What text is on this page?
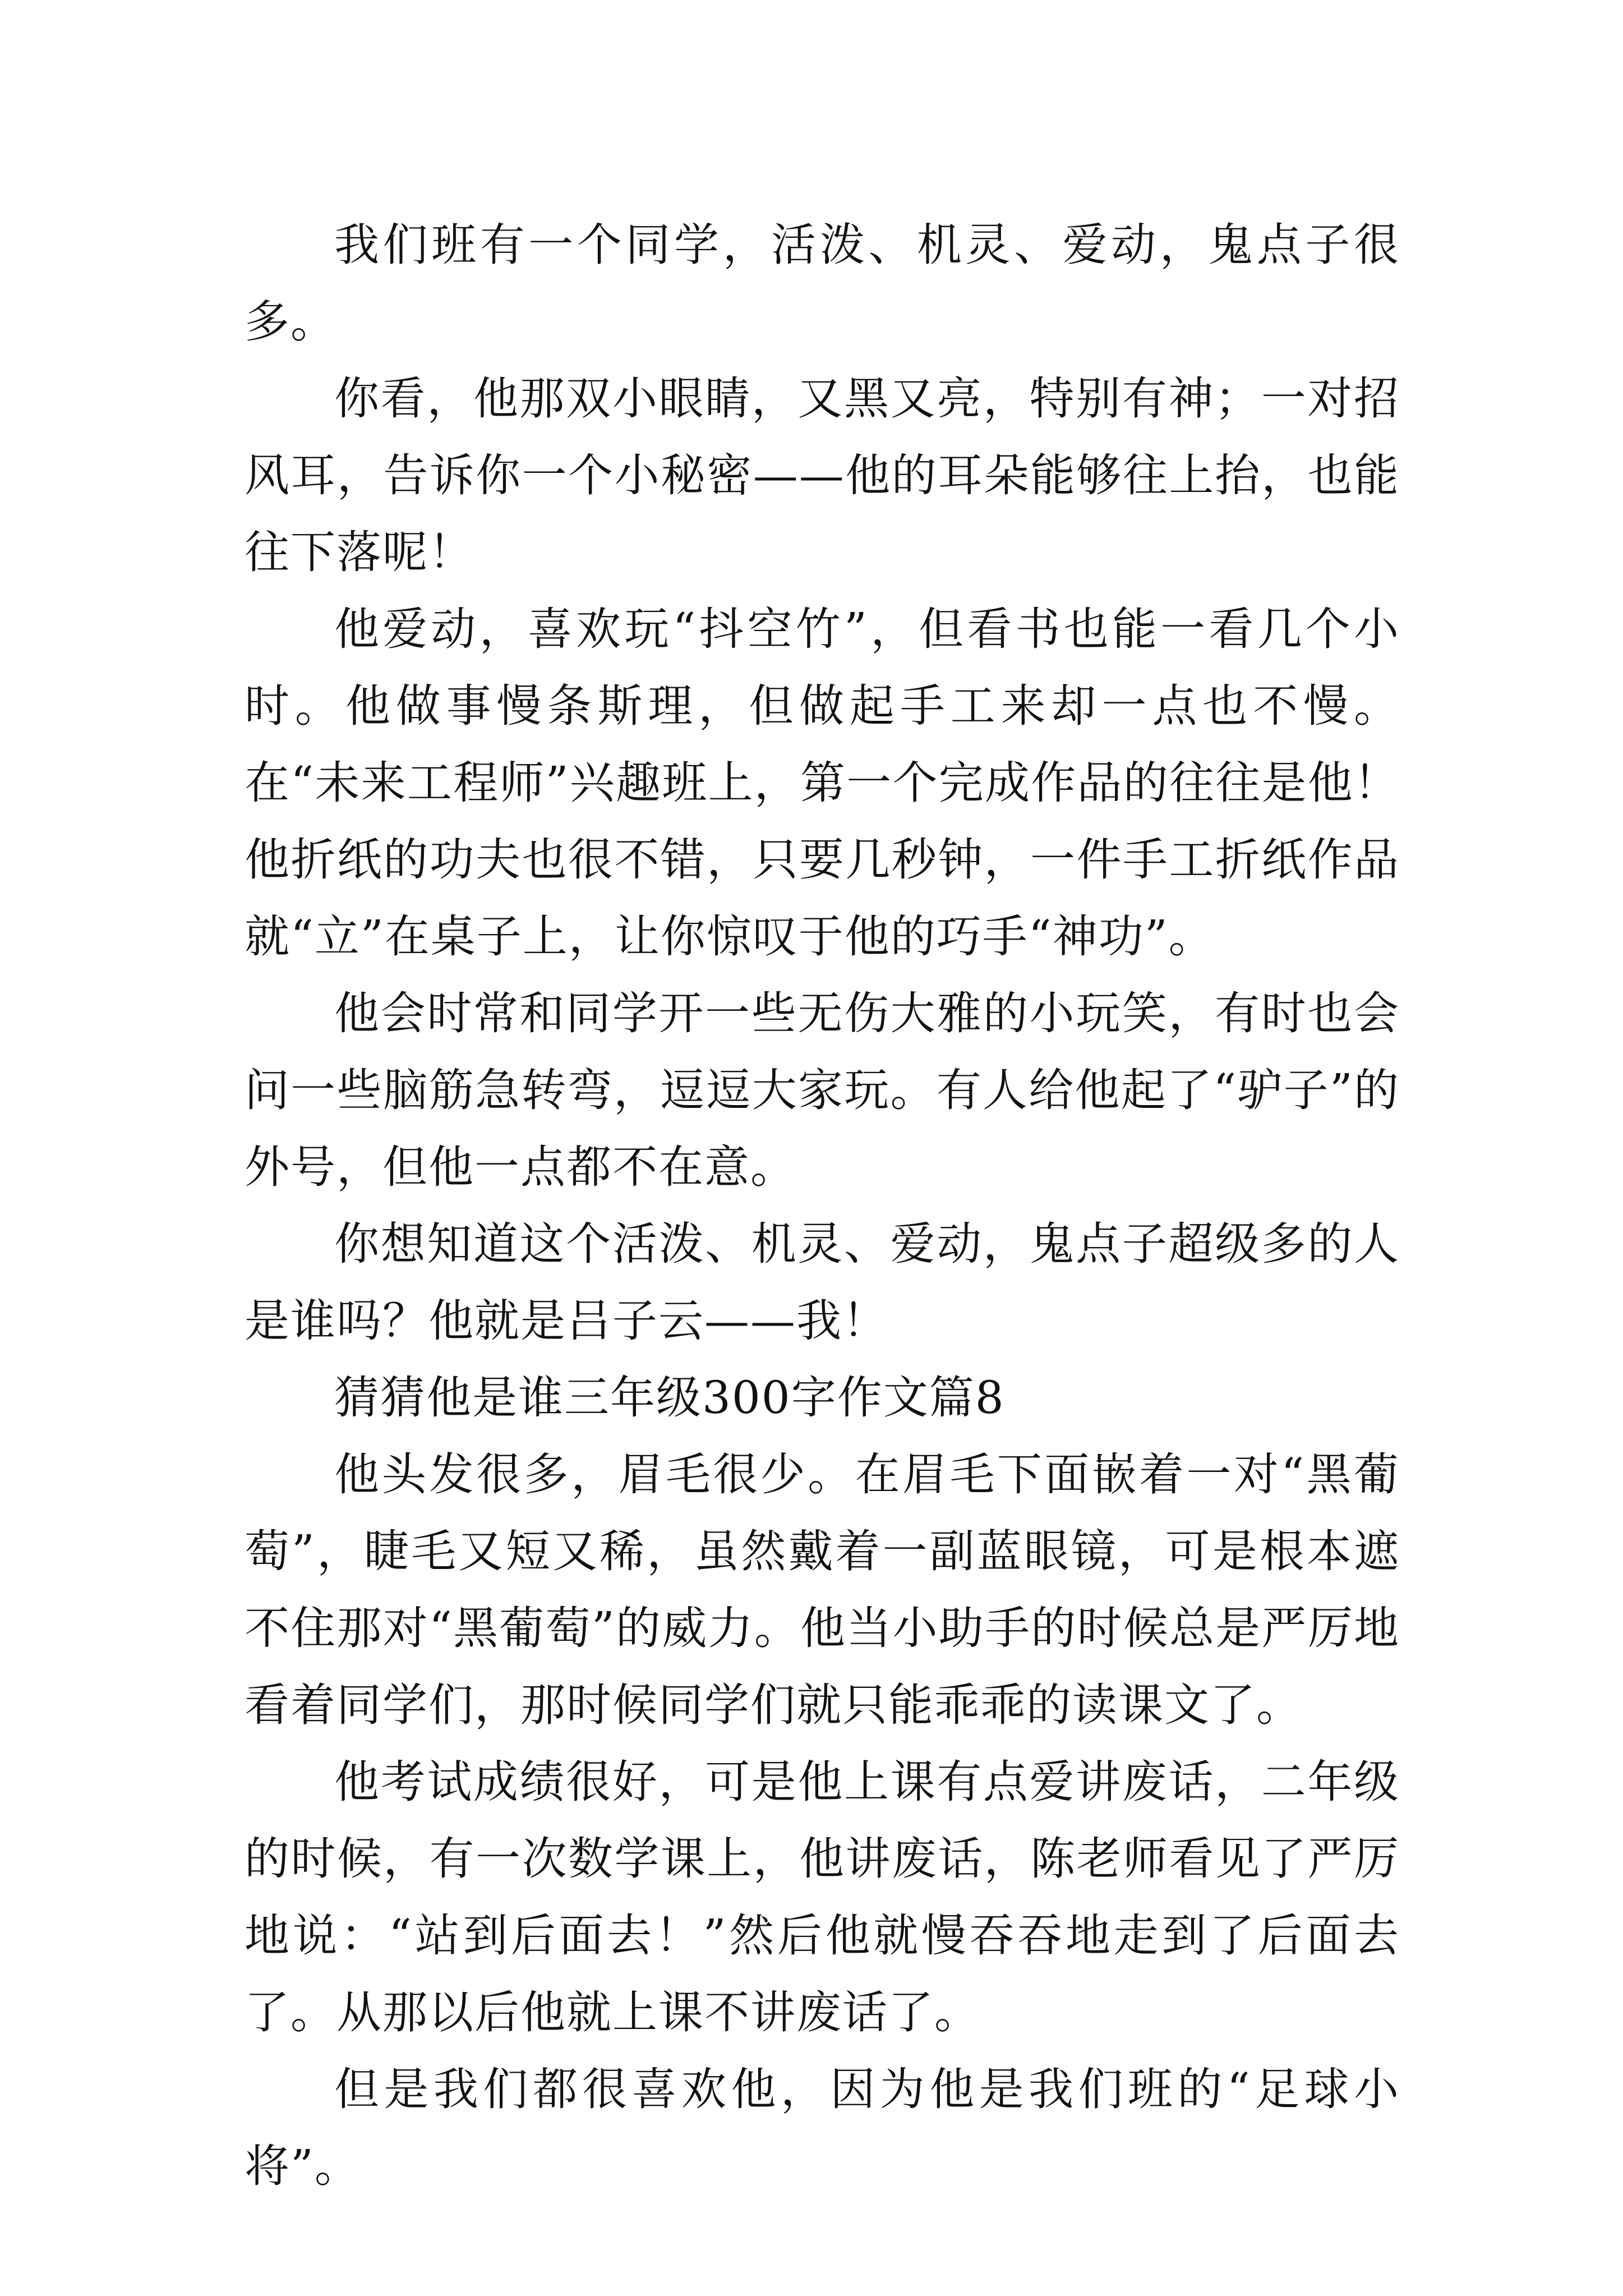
我们班有一个同学，活泼、机灵、爱动，鬼点子很多。

你看，他那双小眼睛，又黑又亮，特别有神；一对招风耳，告诉你一个小秘密——他的耳朵能够往上抬，也能往下落呢！

他爱动，喜欢玩“抖空竹”，但看书也能一看几个小时。他做事慢条斯理，但做起手工来却一点也不慢。在“未来工程师”兴趣班上，第一个完成作品的往往是他！他折纸的功夫也很不错，只要几秒钟，一件手工折纸作品就“立”在桌子上，让你惊叹于他的巧手“神功”。

他会时常和同学开一些无伤大雅的小玩笑，有时也会问一些脑筋急转弯，逗逗大家玩。有人给他起了“驴子”的外号，但他一点都不在意。

你想知道这个活泼、机灵、爱动，鬼点子超级多的人是谁吗？他就是吕子云——我！

猜猜他是谁三年级300字作文篇8

他头发很多，眉毛很少。在眉毛下面嵌着一对“黑葡萄”，睫毛又短又稀，虽然戴着一副蓝眼镜，可是根本遮不住那对“黑葡萄”的威力。他当小助手的时候总是严厉地看着同学们，那时候同学们就只能乖乖的读课文了。

他考试成绩很好，可是他上课有点爱讲废话，二年级的时候，有一次数学课上，他讲废话，陈老师看见了严厉地说：“站到后面去！”然后他就慢吞吞地走到了后面去了。从那以后他就上课不讲废话了。

但是我们都很喜欢他，因为他是我们班的“足球小将”。
